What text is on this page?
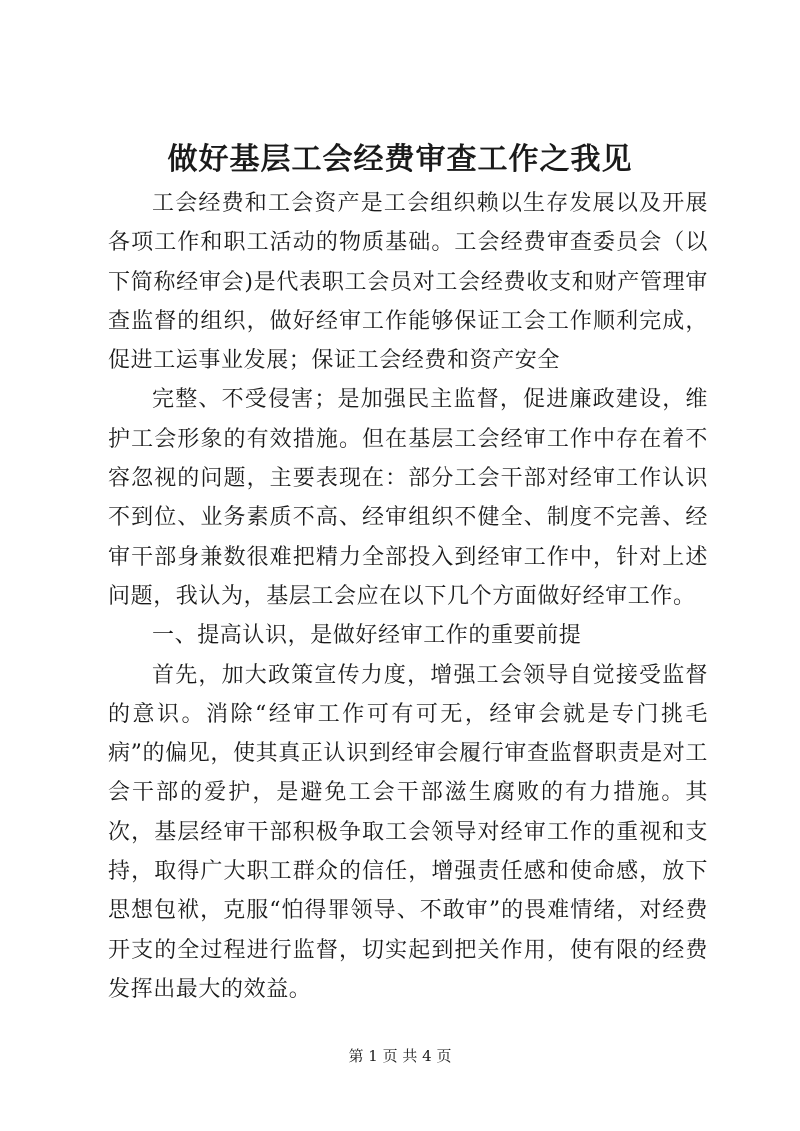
做好基层工会经费审查工作之我见

工会经费和工会资产是工会组织赖以生存发展以及开展各项工作和职工活动的物质基础。工会经费审查委员会（以下简称经审会)是代表职工会员对工会经费收支和财产管理审查监督的组织，做好经审工作能够保证工会工作顺利完成，促进工运事业发展；保证工会经费和资产安全

完整、不受侵害；是加强民主监督，促进廉政建设，维护工会形象的有效措施。但在基层工会经审工作中存在着不容忽视的问题，主要表现在：部分工会干部对经审工作认识不到位、业务素质不高、经审组织不健全、制度不完善、经审干部身兼数很难把精力全部投入到经审工作中，针对上述问题，我认为，基层工会应在以下几个方面做好经审工作。

一、提高认识，是做好经审工作的重要前提

首先，加大政策宣传力度，增强工会领导自觉接受监督的意识。消除“经审工作可有可无，经审会就是专门挑毛病”的偏见，使其真正认识到经审会履行审查监督职责是对工会干部的爱护，是避免工会干部滋生腐败的有力措施。其次，基层经审干部积极争取工会领导对经审工作的重视和支持，取得广大职工群众的信任，增强责任感和使命感，放下思想包袱，克服“怕得罪领导、不敢审”的畏难情绪，对经费开支的全过程进行监督，切实起到把关作用，使有限的经费发挥出最大的效益。

第 1 页 共 4 页
